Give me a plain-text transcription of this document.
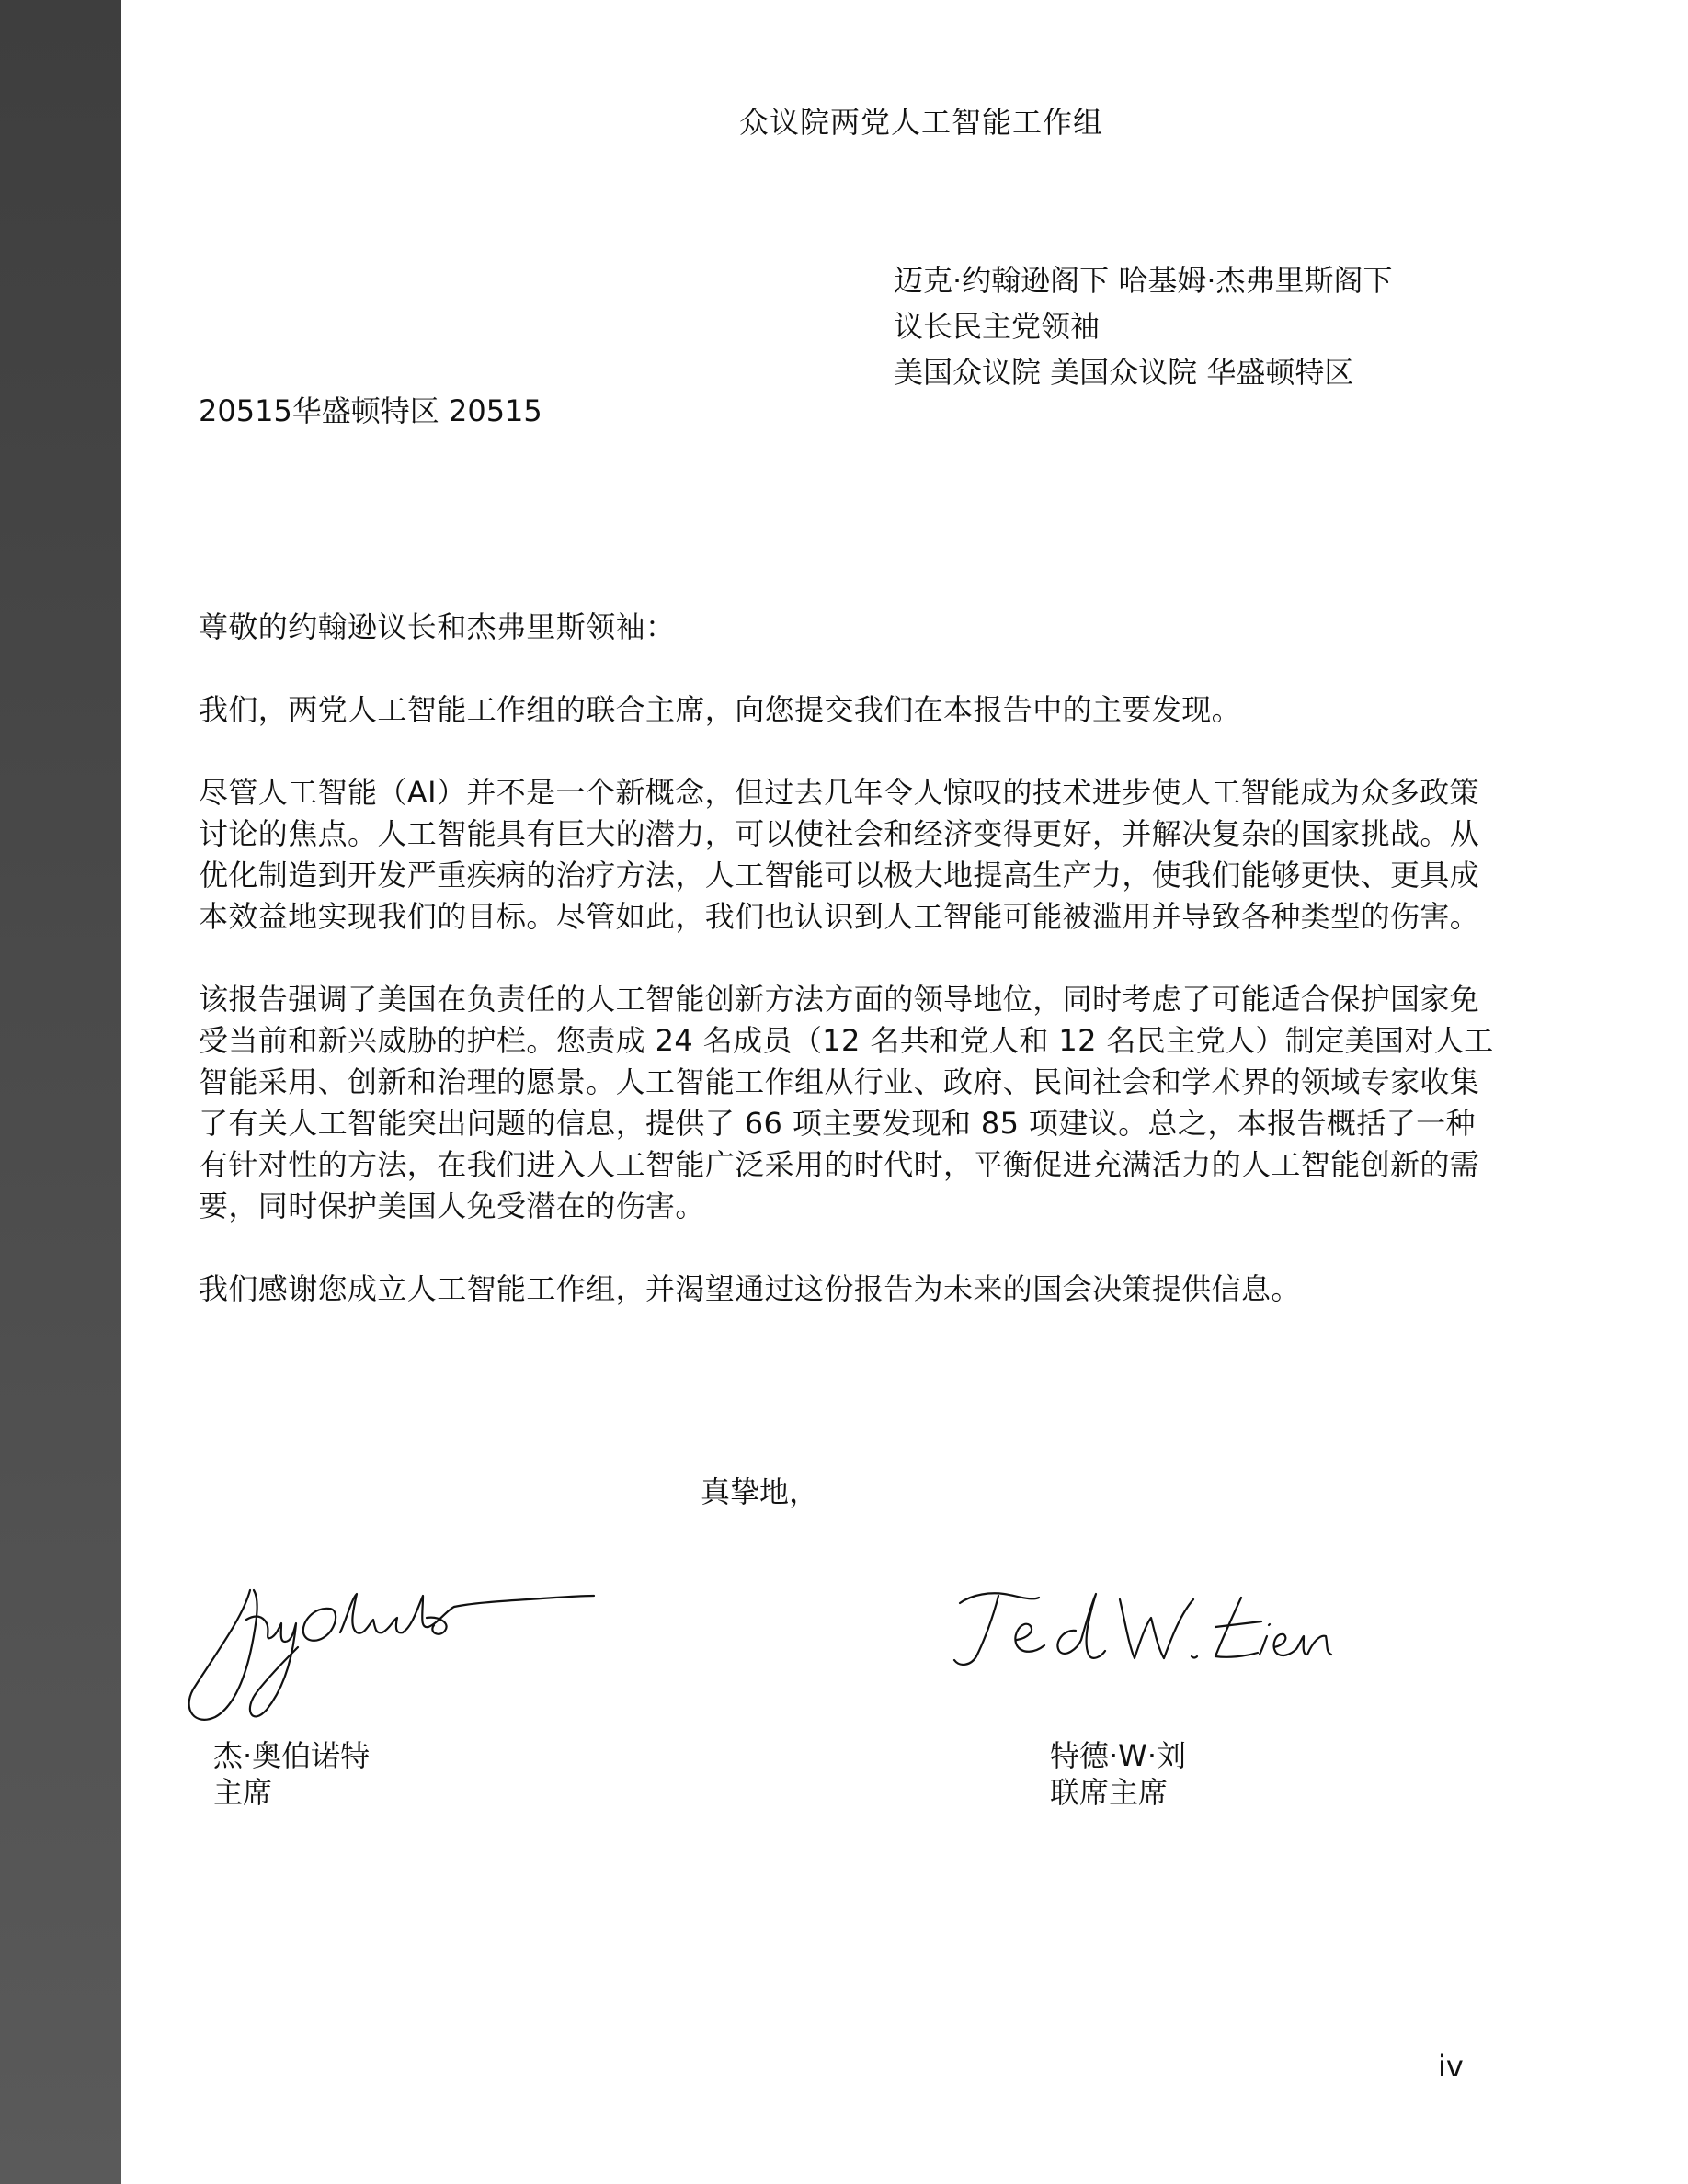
众议院两党人工智能工作组
迈克·约翰逊阁下 哈基姆·杰弗里斯阁下
议长民主党领袖
美国众议院 美国众议院 华盛顿特区
20515华盛顿特区 20515

尊敬的约翰逊议长和杰弗里斯领袖：

我们，两党人工智能工作组的联合主席，向您提交我们在本报告中的主要发现。

尽管人工智能（AI）并不是一个新概念，但过去几年令人惊叹的技术进步使人工智能成为众多政策讨论的焦点。人工智能具有巨大的潜力，可以使社会和经济变得更好，并解决复杂的国家挑战。从优化制造到开发严重疾病的治疗方法，人工智能可以极大地提高生产力，使我们能够更快、更具成本效益地实现我们的目标。尽管如此，我们也认识到人工智能可能被滥用并导致各种类型的伤害。

该报告强调了美国在负责任的人工智能创新方法方面的领导地位，同时考虑了可能适合保护国家免受当前和新兴威胁的护栏。您责成 24 名成员（12 名共和党人和 12 名民主党人）制定美国对人工智能采用、创新和治理的愿景。人工智能工作组从行业、政府、民间社会和学术界的领域专家收集了有关人工智能突出问题的信息，提供了 66 项主要发现和 85 项建议。总之，本报告概括了一种有针对性的方法，在我们进入人工智能广泛采用的时代时，平衡促进充满活力的人工智能创新的需要，同时保护美国人免受潜在的伤害。

我们感谢您成立人工智能工作组，并渴望通过这份报告为未来的国会决策提供信息。

真挚地，
杰·奥伯诺特
主席
特德·W·刘
联席主席
iv
